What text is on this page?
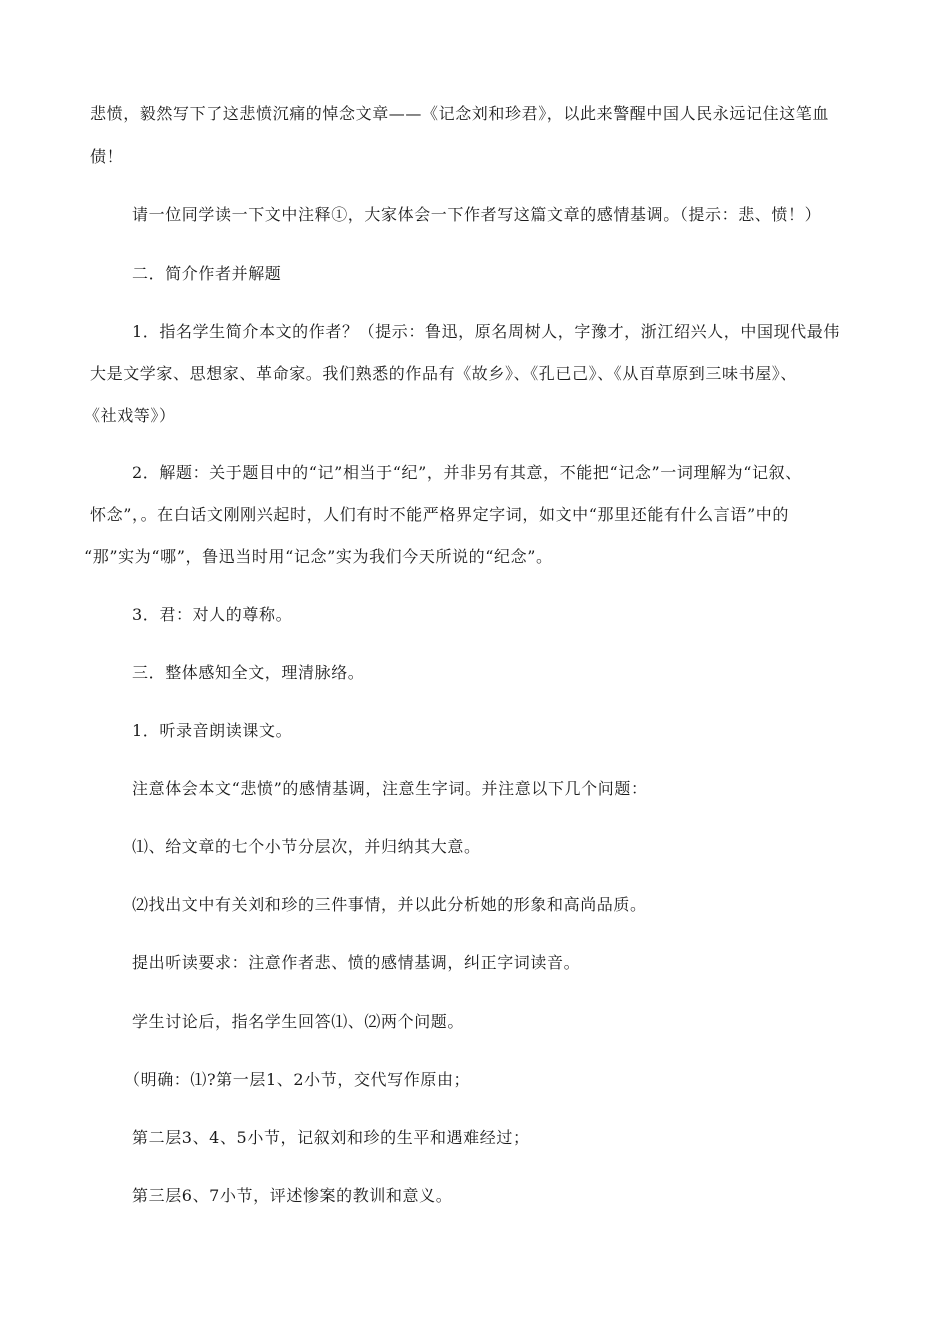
悲愤，毅然写下了这悲愤沉痛的悼念文章——《记念刘和珍君》，以此来警醒中国人民永远记住这笔血
债！
请一位同学读一下文中注释①，大家体会一下作者写这篇文章的感情基调。（提示：悲、愤！）
二．简介作者并解题
1．指名学生简介本文的作者？（提示：鲁迅，原名周树人，字豫才，浙江绍兴人，中国现代最伟
大是文学家、思想家、革命家。我们熟悉的作品有《故乡》、《孔已己》、《从百草原到三味书屋》、
《社戏等》）
2．解题：关于题目中的“记”相当于“纪”，并非另有其意，不能把“记念”一词理解为“记叙、
怀念”，。在白话文刚刚兴起时，人们有时不能严格界定字词，如文中“那里还能有什么言语”中的
“那”实为“哪”，鲁迅当时用“记念”实为我们今天所说的“纪念”。
3．君：对人的尊称。
三．整体感知全文，理清脉络。
1．听录音朗读课文。
注意体会本文“悲愤”的感情基调，注意生字词。并注意以下几个问题：
⑴、给文章的七个小节分层次，并归纳其大意。
⑵找出文中有关刘和珍的三件事情，并以此分析她的形象和高尚品质。
提出听读要求：注意作者悲、愤的感情基调，纠正字词读音。
学生讨论后，指名学生回答⑴、⑵两个问题。
（明确：⑴?第一层1、2小节，交代写作原由；
第二层3、4、5小节，记叙刘和珍的生平和遇难经过；
第三层6、7小节，评述惨案的教训和意义。
